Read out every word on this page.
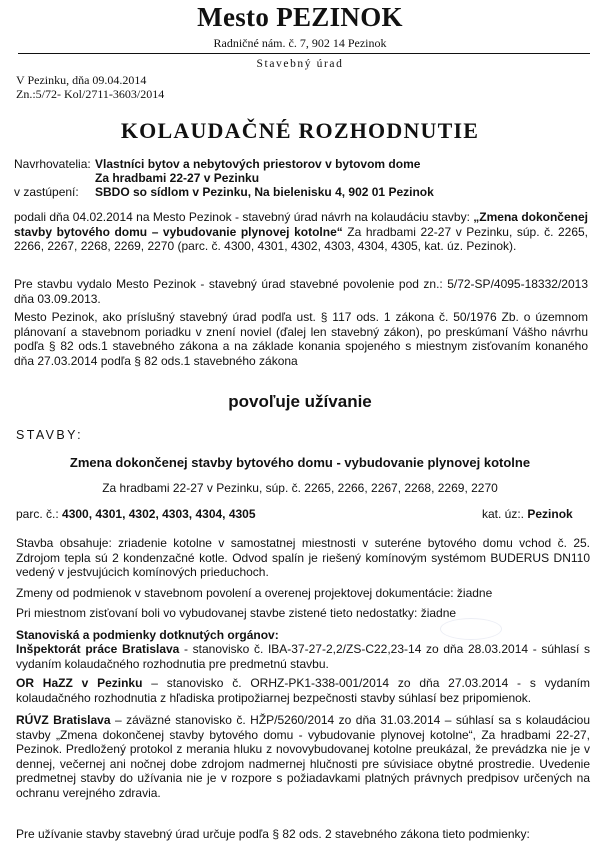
Mesto PEZINOK
Radničné nám. č. 7, 902 14 Pezinok
Stavebný úrad
V Pezinku, dňa 09.04.2014
Zn.:5/72- Kol/2711-3603/2014
KOLAUDAČNÉ ROZHODNUTIE
Navrhovatelia: Vlastníci bytov a nebytových priestorov v bytovom dome
Za hradbami 22-27 v Pezinku
v zastúpení: SBDO so sídlom v Pezinku, Na bielenisku 4, 902 01 Pezinok
podali dňa 04.02.2014 na Mesto Pezinok - stavebný úrad návrh na kolaudáciu stavby: „Zmena dokončenej stavby bytového domu – vybudovanie plynovej kotolne“ Za hradbami 22-27 v Pezinku, súp. č. 2265, 2266, 2267, 2268, 2269, 2270 (parc. č. 4300, 4301, 4302, 4303, 4304, 4305, kat. úz. Pezinok).
Pre stavbu vydalo Mesto Pezinok - stavebný úrad stavebné povolenie pod zn.: 5/72-SP/4095-18332/2013 dňa 03.09.2013.
Mesto Pezinok, ako príslušný stavebný úrad podľa ust. § 117 ods. 1 zákona č. 50/1976 Zb. o územnom plánovaní a stavebnom poriadku v znení noviel (ďalej len stavebný zákon), po preskúmaní Vášho návrhu podľa § 82 ods.1 stavebného zákona a na základe konania spojeného s miestnym zisťovaním konaného dňa 27.03.2014 podľa § 82 ods.1 stavebného zákona
povoľuje užívanie
STAVBY:
Zmena dokončenej stavby bytového domu - vybudovanie plynovej kotolne
Za hradbami 22-27 v Pezinku, súp. č. 2265, 2266, 2267, 2268, 2269, 2270
parc. č.: 4300, 4301, 4302, 4303, 4304, 4305	kat. úz:. Pezinok
Stavba obsahuje: zriadenie kotolne v samostatnej miestnosti v suteréne bytového domu vchod č. 25. Zdrojom tepla sú 2 kondenzačné kotle. Odvod spalín je riešený komínovým systémom BUDERUS DN110 vedený v jestvujúcich komínových prieduchoch.
Zmeny od podmienok v stavebnom povolení a overenej projektovej dokumentácie: žiadne
Pri miestnom zisťovaní boli vo vybudovanej stavbe zistené tieto nedostatky: žiadne
Stanoviská a podmienky dotknutých orgánov:
Inšpektorát práce Bratislava - stanovisko č. IBA-37-27-2,2/ZS-C22,23-14 zo dňa 28.03.2014 - súhlasí s vydaním kolaudačného rozhodnutia pre predmetnú stavbu.
OR HaZZ v Pezinku – stanovisko č. ORHZ-PK1-338-001/2014 zo dňa 27.03.2014 - s vydaním kolaudačného rozhodnutia z hľadiska protipožiarnej bezpečnosti stavby súhlasí bez pripomienok.
RÚVZ Bratislava – záväzné stanovisko č. HŽP/5260/2014 zo dňa 31.03.2014 – súhlasí sa s kolaudáciou stavby „Zmena dokončenej stavby bytového domu - vybudovanie plynovej kotolne“, Za hradbami 22-27, Pezinok. Predložený protokol z merania hluku z novovybudovanej kotolne preukázal, že prevádzka nie je v dennej, večernej ani nočnej dobe zdrojom nadmernej hlučnosti pre súvisiace obytné prostredie. Uvedenie predmetnej stavby do užívania nie je v rozpore s požiadavkami platných právnych predpisov určených na ochranu verejného zdravia.
Pre užívanie stavby stavebný úrad určuje podľa § 82 ods. 2 stavebného zákona tieto podmienky:
